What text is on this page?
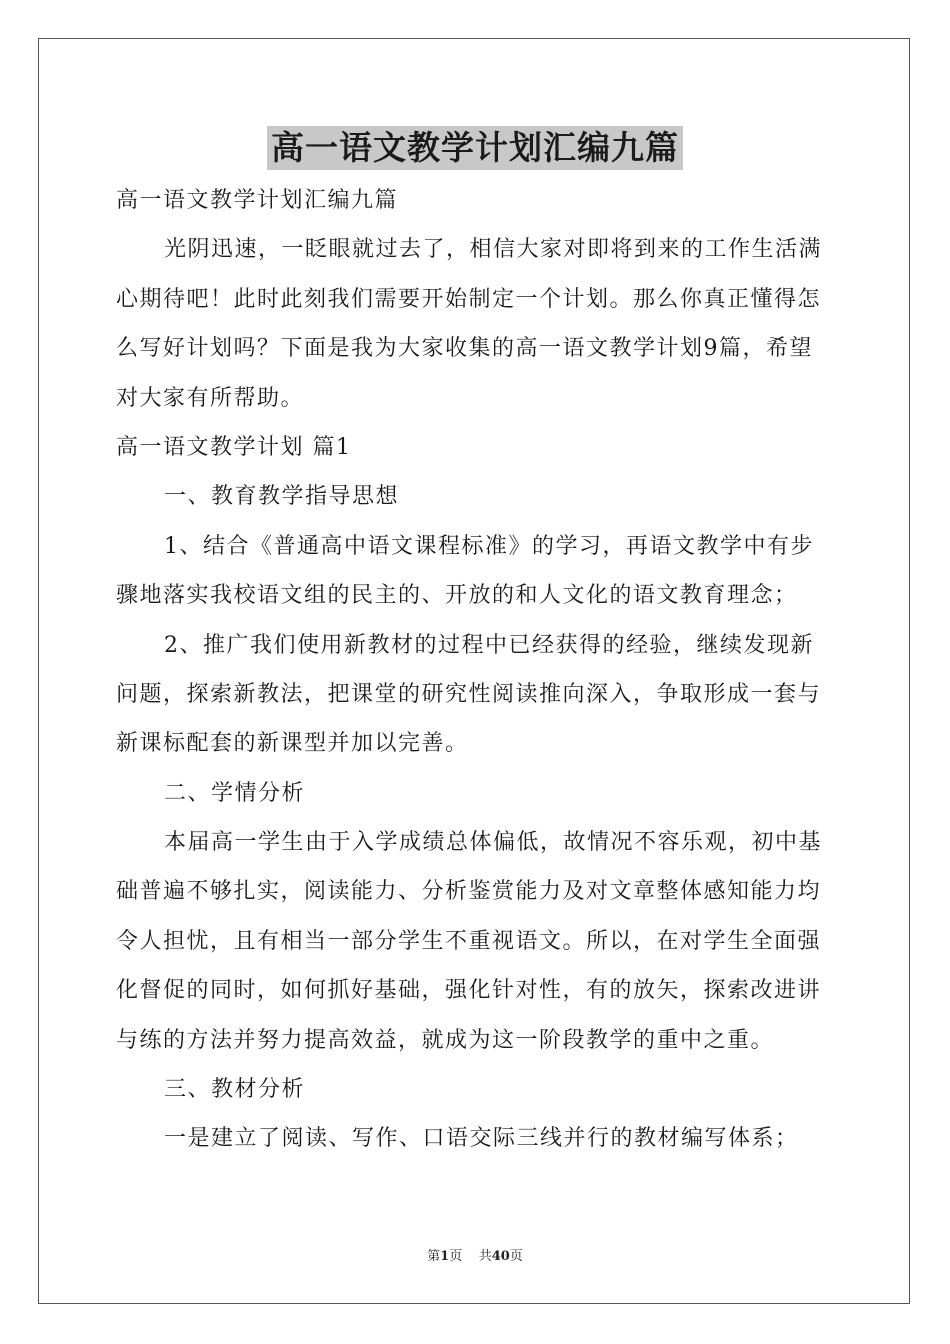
高一语文教学计划汇编九篇
高一语文教学计划汇编九篇
光阴迅速，一眨眼就过去了，相信大家对即将到来的工作生活满
心期待吧！此时此刻我们需要开始制定一个计划。那么你真正懂得怎
么写好计划吗？下面是我为大家收集的高一语文教学计划9篇，希望
对大家有所帮助。
高一语文教学计划 篇1
一、教育教学指导思想
1、结合《普通高中语文课程标准》的学习，再语文教学中有步
骤地落实我校语文组的民主的、开放的和人文化的语文教育理念；
2、推广我们使用新教材的过程中已经获得的经验，继续发现新
问题，探索新教法，把课堂的研究性阅读推向深入，争取形成一套与
新课标配套的新课型并加以完善。
二、学情分析
本届高一学生由于入学成绩总体偏低，故情况不容乐观，初中基
础普遍不够扎实，阅读能力、分析鉴赏能力及对文章整体感知能力均
令人担忧，且有相当一部分学生不重视语文。所以，在对学生全面强
化督促的同时，如何抓好基础，强化针对性，有的放矢，探索改进讲
与练的方法并努力提高效益，就成为这一阶段教学的重中之重。
三、教材分析
一是建立了阅读、写作、口语交际三线并行的教材编写体系；
第1页 共40页
